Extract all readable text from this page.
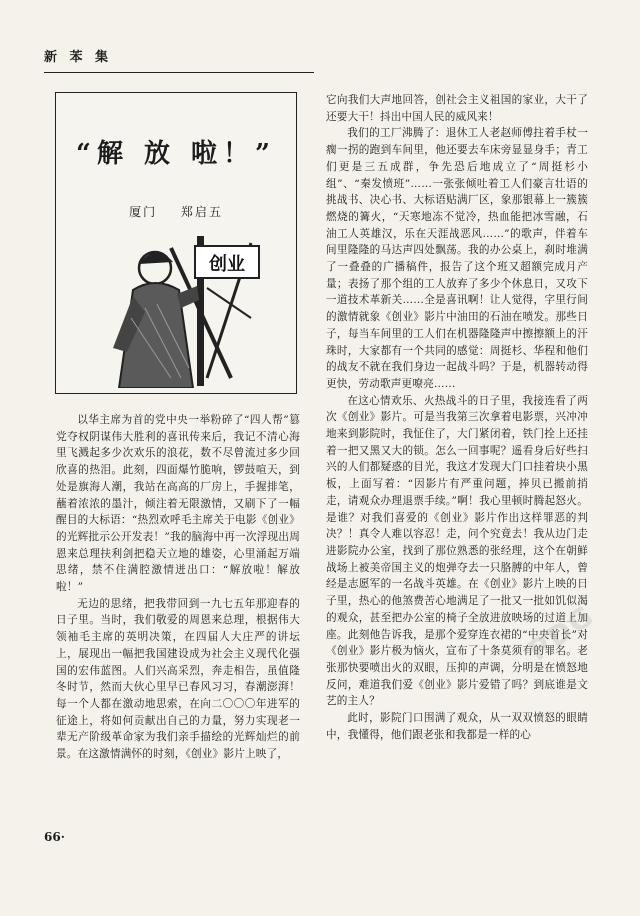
新 苯 集
“解 放 啦！”
厦门 郑启五
创业

以华主席为首的党中央一举粉碎了“四人帮”篡党夺权阴谋伟大胜利的喜讯传来后，我记不清心海里飞溅起多少次欢乐的浪花，数不尽曾流过多少回欣喜的热泪。此刻，四面爆竹脆响，锣鼓喧天，到处是旗海人潮，我站在高高的厂房上，手握排笔，蘸着浓浓的墨汁，倾注着无限激情，又刷下了一幅醒目的大标语：“热烈欢呼毛主席关于电影《创业》的光辉批示公开发表！”我的脑海中再一次浮现出周恩来总理扶利剑把稳天立地的雄姿，心里涌起万端思绪，禁不住满腔激情迸出口：“解放啦！解放啦！”

无边的思绪，把我带回到一九七五年那迎春的日子里。当时，我们敬爱的周恩来总理，根据伟大领袖毛主席的英明决策，在四届人大庄严的讲坛上，展现出一幅把我国建设成为社会主义现代化强国的宏伟蓝图。人们兴高采烈，奔走相告，虽值隆冬时节，然而大伙心里早已春风习习，春潮澎湃！每一个人都在激动地思索，在向二〇〇〇年进军的征途上，将如何贡献出自己的力量，努力实现老一辈无产阶级革命家为我们亲手描绘的光辉灿烂的前景。在这激情满怀的时刻，《创业》影片上映了，

它向我们大声地回答，创社会主义祖国的家业，大干了还要大干！抖出中国人民的威风来！

我们的工厂沸腾了：退休工人老赵师傅拄着手杖一瘸一拐的跑到车间里，他还要去车床旁显显身手；青工们更是三五成群，争先恐后地成立了“周挺杉小组”、“秦发愤班”……一张张倾吐着工人们豪言壮语的挑战书、决心书、大标语贴满厂区，象那银幕上一簇簇燃烧的篝火，“天寒地冻不觉冷，热血能把冰雪融，石油工人英雄汉，乐在天涯战恶风……”的歌声，伴着车间里隆隆的马达声四处飘荡。我的办公桌上，刹时堆满了一叠叠的广播稿件，报告了这个班又超额完成月产量；表扬了那个组的工人放弃了多少个休息日，又攻下一道技术革新关……全是喜讯啊！让人觉得，字里行间的激情就象《创业》影片中油田的石油在喷发。那些日子，每当车间里的工人们在机器隆隆声中擦擦额上的汗珠时，大家都有一个共同的感觉：周挺杉、华程和他们的战友不就在我们身边一起战斗吗？于是，机器转动得更快，劳动歌声更嘹亮……

在这心情欢乐、火热战斗的日子里，我接连看了两次《创业》影片。可是当我第三次拿着电影票，兴冲冲地来到影院时，我怔住了，大门紧闭着，铁门拴上还挂着一把又黑又大的锁。怎么一回事呢？遥看身后好些扫兴的人们都疑惑的目光，我这才发现大门口挂着块小黑板，上面写着：“因影片有严重问题，捧贝已搬前捎走，请观众办理退票手续。”啊！我心里顿时腾起怒火。是谁？对我们喜爱的《创业》影片作出这样罪恶的判决？！真令人难以容忍！走，问个究竟去！我从边门走进影院办公室，找到了那位熟悉的张经理，这个在朝鲜战场上被美帝国主义的炮弹夺去一只胳膊的中年人，曾经是志愿军的一名战斗英雄。在《创业》影片上映的日子里，热心的他煞费苦心地满足了一批又一批如饥似渴的观众，甚至把办公室的椅子全放进放映场的过道上加座。此刻他告诉我，是那个爱穿连衣裙的“中央首长”对《创业》影片极为恼火，宣布了十条莫须有的罪名。老张那快要喷出火的双眼，压抑的声调，分明是在愤怒地反问，难道我们爱《创业》影片爱错了吗？到底谁是文艺的主人？

此时，影院门口围满了观众，从一双双愤怒的眼睛中，我懂得，他们跟老张和我都是一样的心

66·
PDG
